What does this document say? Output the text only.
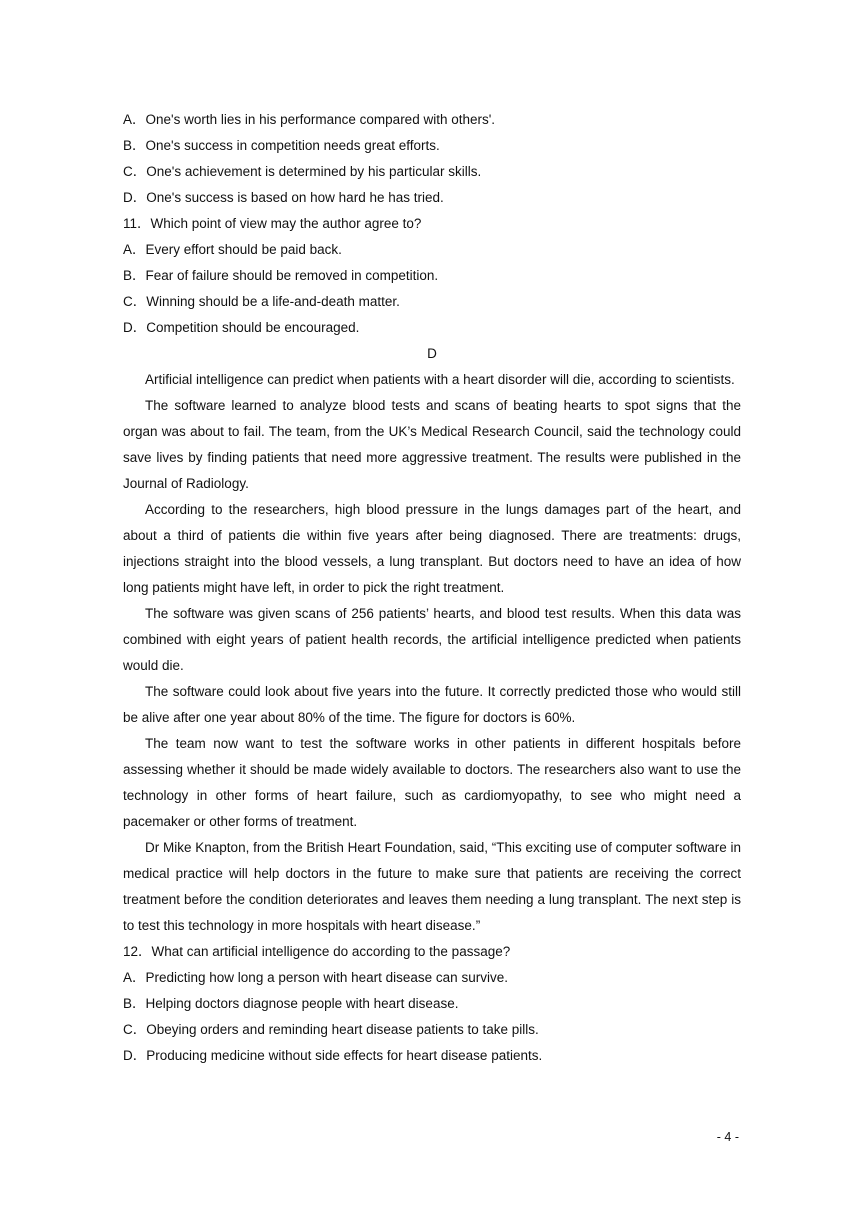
A．One's worth lies in his performance compared with others'.

B．One's success in competition needs great efforts.

C．One's achievement is determined by his particular skills.

D．One's success is based on how hard he has tried.

11．Which point of view may the author agree to?

A．Every effort should be paid back.

B．Fear of failure should be removed in competition.

C．Winning should be a life-and-death matter.

D．Competition should be encouraged.

D

Artificial intelligence can predict when patients with a heart disorder will die, according to scientists.

The software learned to analyze blood tests and scans of beating hearts to spot signs that the organ was about to fail. The team, from the UK’s Medical Research Council, said the technology could save lives by finding patients that need more aggressive treatment. The results were published in the Journal of Radiology.

According to the researchers, high blood pressure in the lungs damages part of the heart, and about a third of patients die within five years after being diagnosed. There are treatments: drugs, injections straight into the blood vessels, a lung transplant. But doctors need to have an idea of how long patients might have left, in order to pick the right treatment.

The software was given scans of 256 patients’ hearts, and blood test results. When this data was combined with eight years of patient health records, the artificial intelligence predicted when patients would die.

The software could look about five years into the future. It correctly predicted those who would still be alive after one year about 80% of the time. The figure for doctors is 60%.

The team now want to test the software works in other patients in different hospitals before assessing whether it should be made widely available to doctors. The researchers also want to use the technology in other forms of heart failure, such as cardiomyopathy, to see who might need a pacemaker or other forms of treatment.

Dr Mike Knapton, from the British Heart Foundation, said, “This exciting use of computer software in medical practice will help doctors in the future to make sure that patients are receiving the correct treatment before the condition deteriorates and leaves them needing a lung transplant. The next step is to test this technology in more hospitals with heart disease.”

12．What can artificial intelligence do according to the passage?

A．Predicting how long a person with heart disease can survive.

B．Helping doctors diagnose people with heart disease.

C．Obeying orders and reminding heart disease patients to take pills.

D．Producing medicine without side effects for heart disease patients.

- 4 -
